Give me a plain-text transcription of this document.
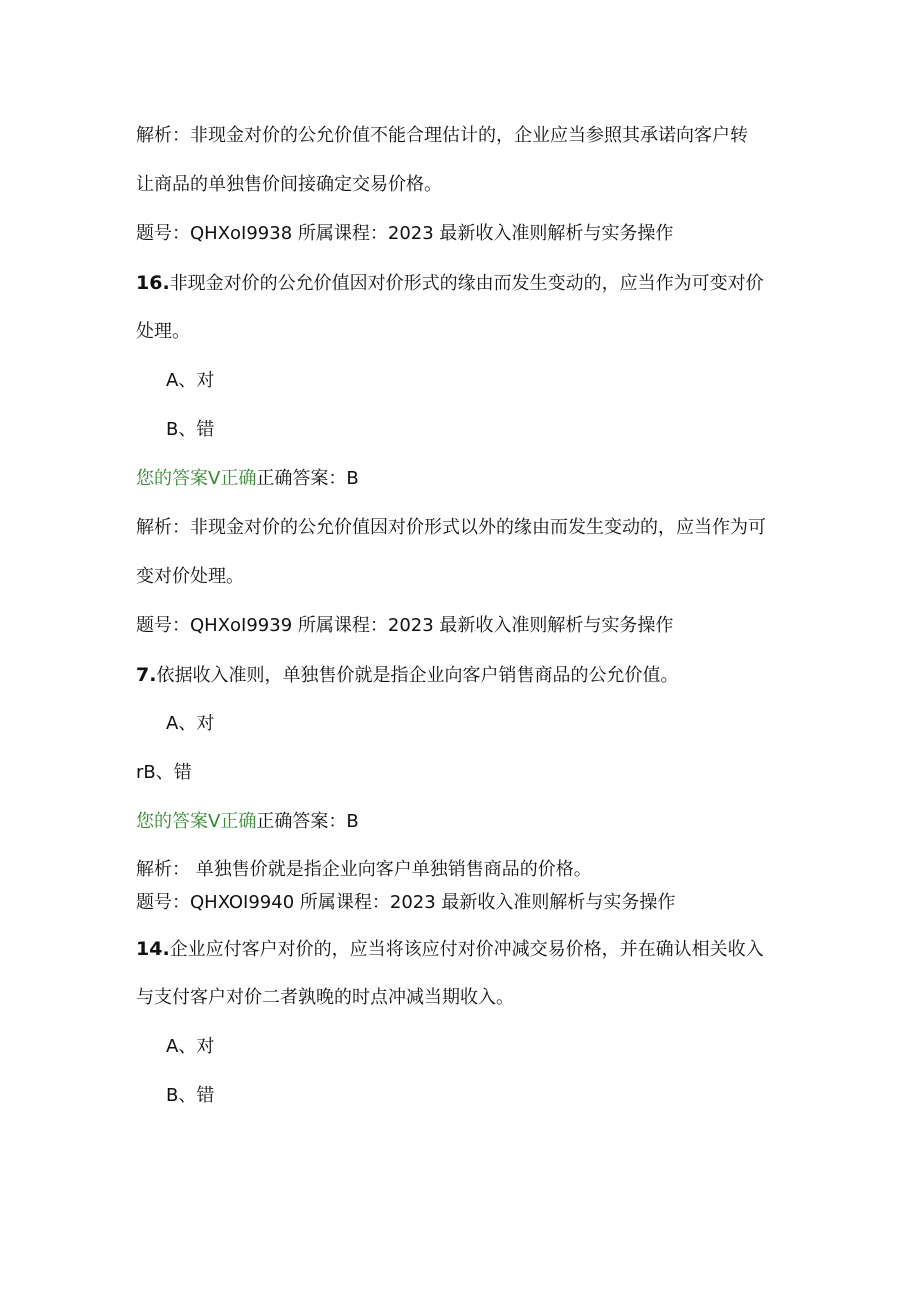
解析：非现金对价的公允价值不能合理估计的，企业应当参照其承诺向客户转
让商品的单独售价间接确定交易价格。
题号：QHXoI9938 所属课程：2023 最新收入准则解析与实务操作
16.非现金对价的公允价值因对价形式的缘由而发生变动的，应当作为可变对价
处理。
A、对
B、错
您的答案Ⅴ正确正确答案：B
解析：非现金对价的公允价值因对价形式以外的缘由而发生变动的，应当作为可
变对价处理。
题号：QHXoI9939 所属课程：2023 最新收入准则解析与实务操作
7.依据收入准则，单独售价就是指企业向客户销售商品的公允价值。
A、对
rB、错
您的答案Ⅴ正确正确答案：B
解析： 单独售价就是指企业向客户单独销售商品的价格。
题号：QHXOI9940 所属课程：2023 最新收入准则解析与实务操作
14.企业应付客户对价的，应当将该应付对价冲减交易价格，并在确认相关收入
与支付客户对价二者孰晚的时点冲减当期收入。
A、对
B、错
